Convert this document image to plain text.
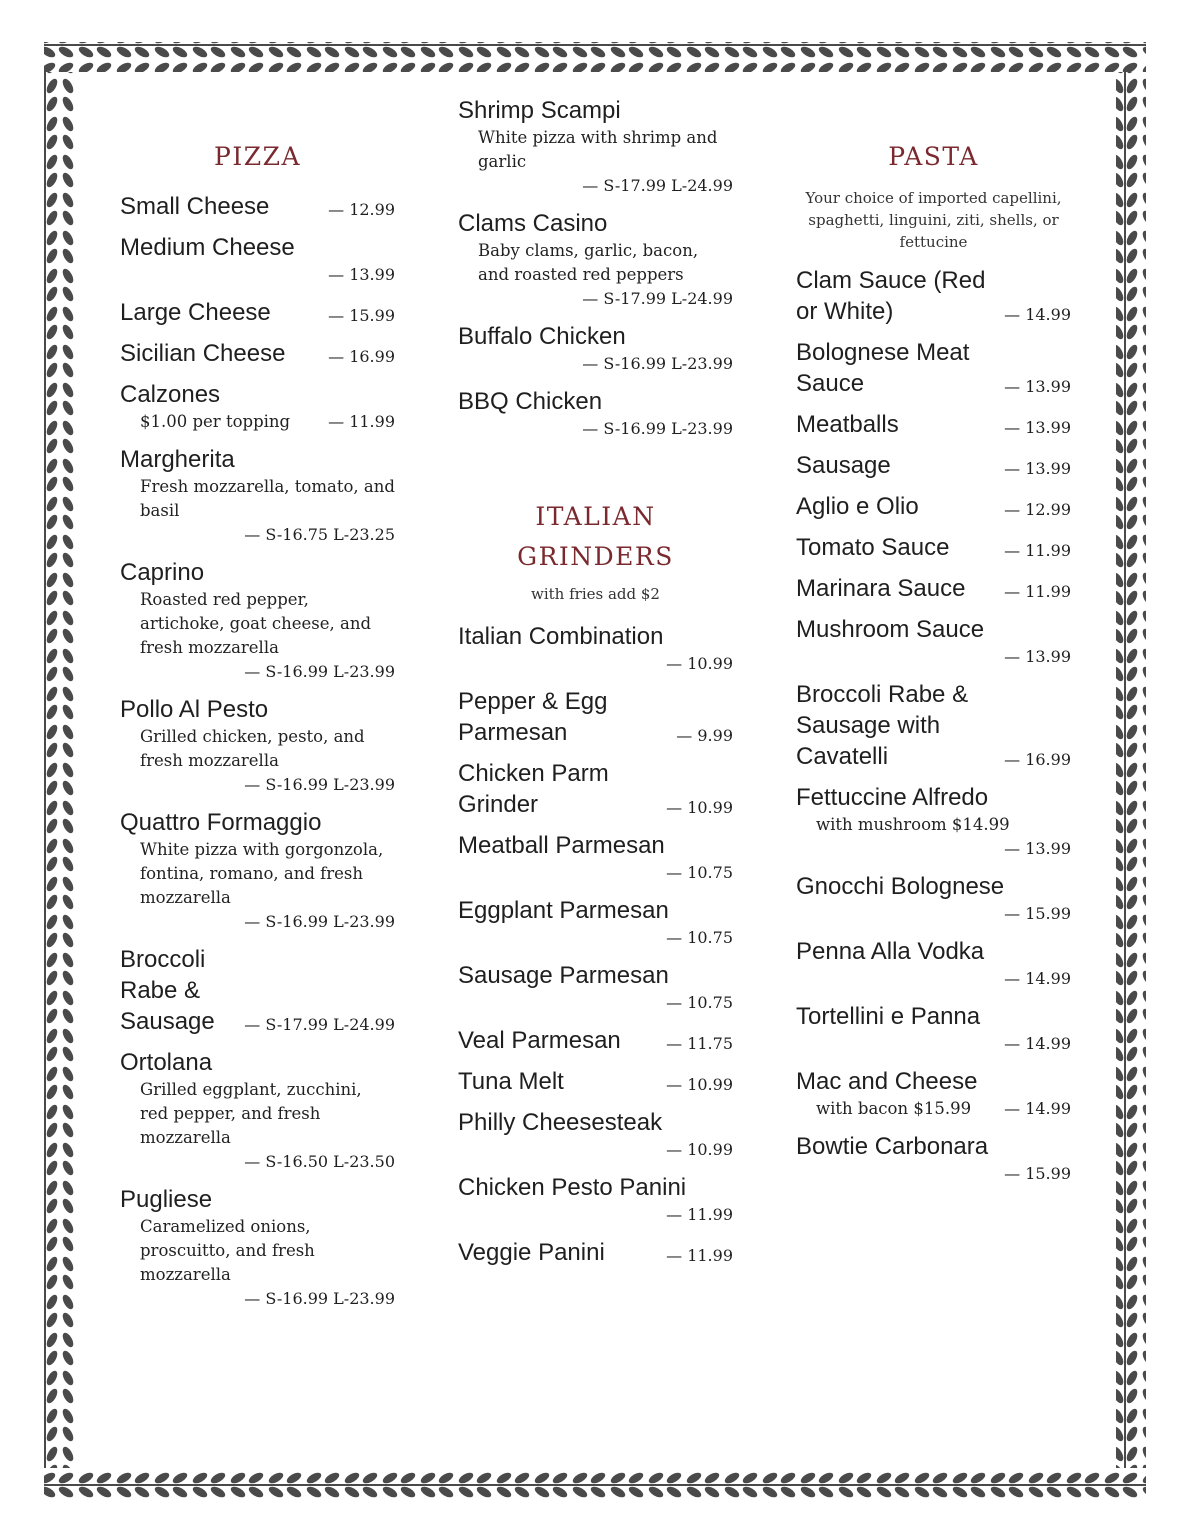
PIZZA
Small Cheese	— 12.99
Medium Cheese
— 13.99
Large Cheese	— 15.99
Sicilian Cheese	— 16.99
Calzones
$1.00 per topping — 11.99
Margherita
Fresh mozzarella, tomato, and basil
— S-16.75 L-23.25
Caprino
Roasted red pepper, artichoke, goat cheese, and fresh mozzarella
— S-16.99 L-23.99
Pollo Al Pesto
Grilled chicken, pesto, and fresh mozzarella
— S-16.99 L-23.99
Quattro Formaggio
White pizza with gorgonzola, fontina, romano, and fresh mozzarella
— S-16.99 L-23.99
Broccoli Rabe & Sausage	— S-17.99 L-24.99
Ortolana
Grilled eggplant, zucchini, red pepper, and fresh mozzarella
— S-16.50 L-23.50
Pugliese
Caramelized onions, proscuitto, and fresh mozzarella
— S-16.99 L-23.99
Shrimp Scampi
White pizza with shrimp and garlic
— S-17.99 L-24.99
Clams Casino
Baby clams, garlic, bacon, and roasted red peppers
— S-17.99 L-24.99
Buffalo Chicken
— S-16.99 L-23.99
BBQ Chicken
— S-16.99 L-23.99
ITALIAN
GRINDERS
with fries add $2
Italian Combination
— 10.99
Pepper & Egg Parmesan	— 9.99
Chicken Parm Grinder	— 10.99
Meatball Parmesan
— 10.75
Eggplant Parmesan
— 10.75
Sausage Parmesan
— 10.75
Veal Parmesan	— 11.75
Tuna Melt	— 10.99
Philly Cheesesteak
— 10.99
Chicken Pesto Panini
— 11.99
Veggie Panini	— 11.99
PASTA
Your choice of imported capellini, spaghetti, linguini, ziti, shells, or fettucine
Clam Sauce (Red or White)	— 14.99
Bolognese Meat Sauce	— 13.99
Meatballs	— 13.99
Sausage	— 13.99
Aglio e Olio	— 12.99
Tomato Sauce	— 11.99
Marinara Sauce	— 11.99
Mushroom Sauce
— 13.99
Broccoli Rabe & Sausage with Cavatelli	— 16.99
Fettuccine Alfredo
with mushroom $14.99
— 13.99
Gnocchi Bolognese
— 15.99
Penna Alla Vodka
— 14.99
Tortellini e Panna
— 14.99
Mac and Cheese
with bacon $15.99 — 14.99
Bowtie Carbonara
— 15.99
